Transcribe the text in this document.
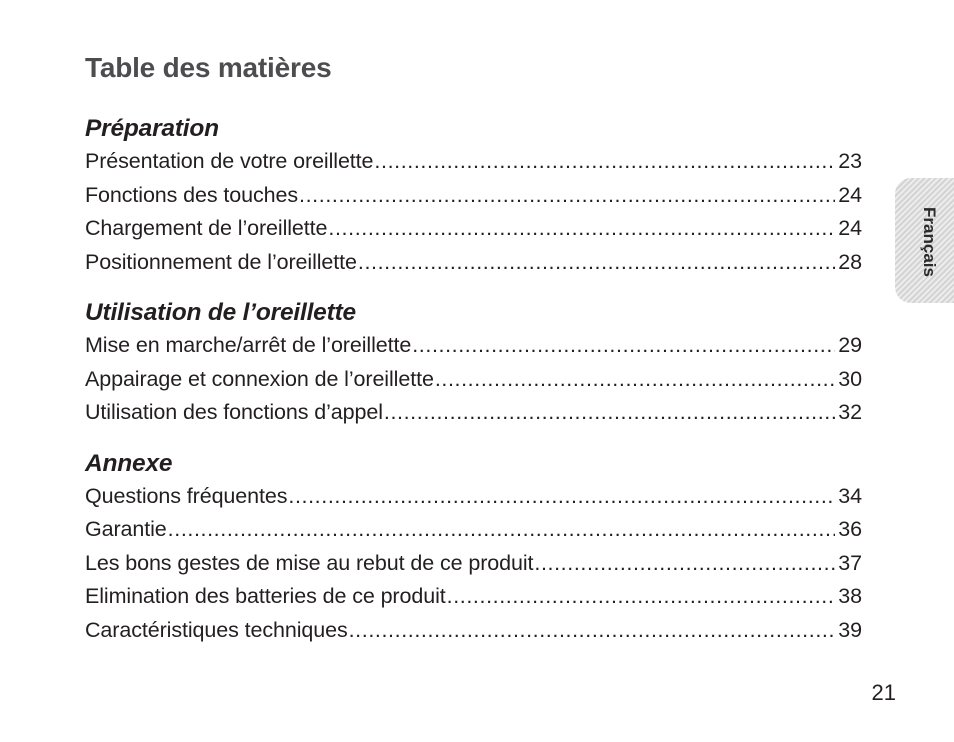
Table des matières
Préparation
Présentation de votre oreillette .....	23
Fonctions des touches .....	24
Chargement de l’oreillette .....	24
Positionnement de l’oreillette .....	28
Utilisation de l’oreillette
Mise en marche/arrêt de l’oreillette .....	29
Appairage et connexion de l’oreillette .....	30
Utilisation des fonctions d’appel .....	32
Annexe
Questions fréquentes .....	34
Garantie .....	36
Les bons gestes de mise au rebut de ce produit .....	37
Elimination des batteries de ce produit .....	38
Caractéristiques techniques .....	39
Français
21
